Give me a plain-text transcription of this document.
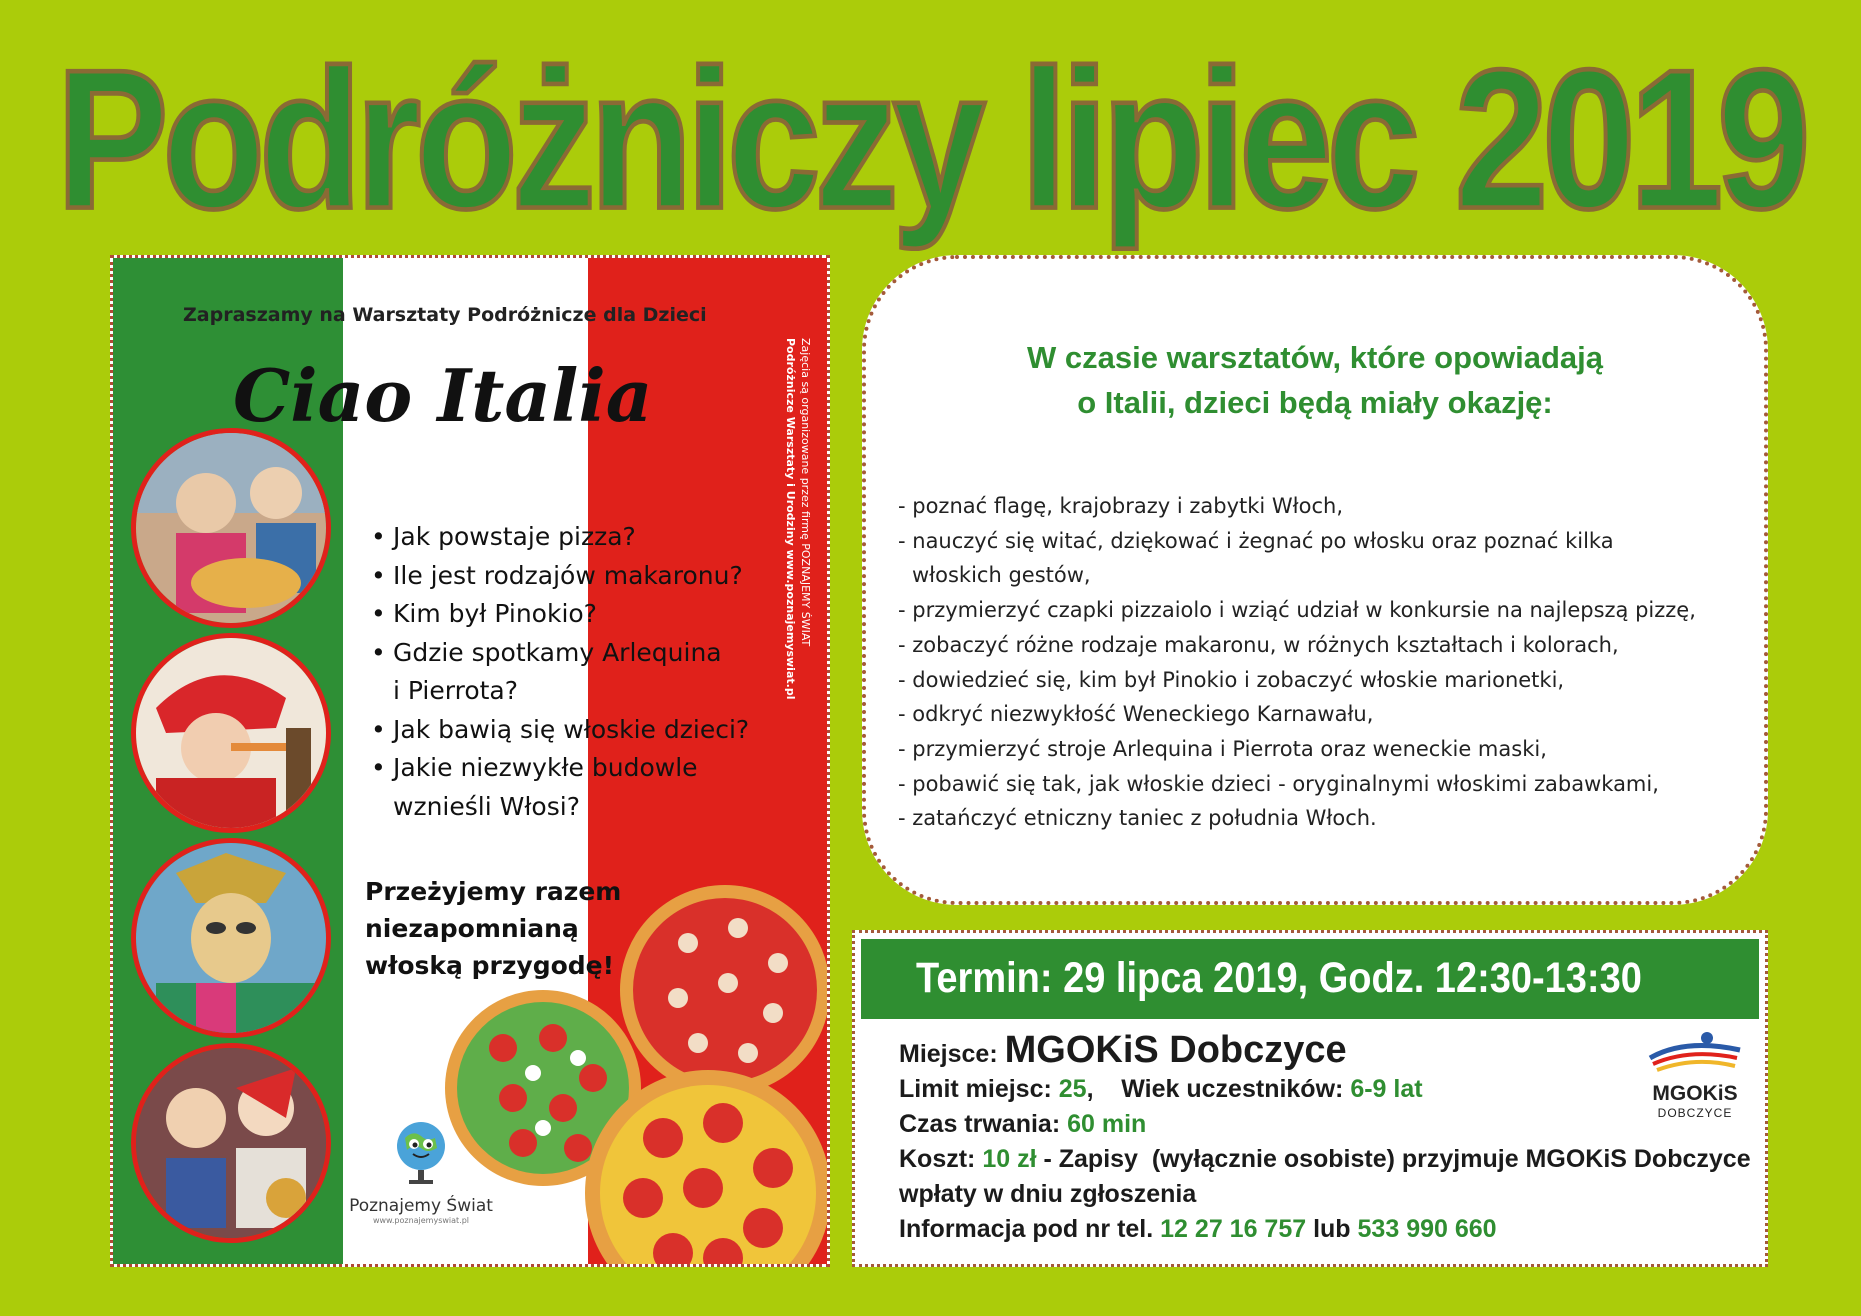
Podróżniczy lipiec 2019
Zapraszamy na Warsztaty Podróżnicze dla Dzieci
Ciao Italia	Zajęcia są organizowane przez firmę POZNAJEMY ŚWIAT
Podróżnicze Warsztaty i Urodziny www.poznajemyswiat.pl
• Jak powstaje pizza?
• Ile jest rodzajów makaronu?
• Kim był Pinokio?
• Gdzie spotkamy Arlequina
i Pierrota?
• Jak bawią się włoskie dzieci?
• Jakie niezwykłe budowle
wznieśli Włosi?
Przeżyjemy razem
niezapomnianą
włoską przygodę!
Poznajemy Świat
www.poznajemyswiat.pl
W czasie warsztatów, które opowiadają
o Italii, dzieci będą miały okazję:
- poznać flagę, krajobrazy i zabytki Włoch,
- nauczyć się witać, dziękować i żegnać po włosku oraz poznać kilka
włoskich gestów,
- przymierzyć czapki pizzaiolo i wziąć udział w konkursie na najlepszą pizzę,
- zobaczyć różne rodzaje makaronu, w różnych kształtach i kolorach,
- dowiedzieć się, kim był Pinokio i zobaczyć włoskie marionetki,
- odkryć niezwykłość Weneckiego Karnawału,
- przymierzyć stroje Arlequina i Pierrota oraz weneckie maski,
- pobawić się tak, jak włoskie dzieci - oryginalnymi włoskimi zabawkami,
- zatańczyć etniczny taniec z południa Włoch.
Termin: 29 lipca 2019, Godz. 12:30-13:30
Miejsce: MGOKiS Dobczyce
Limit miejsc: 25,    Wiek uczestników: 6-9 lat
Czas trwania: 60 min
Koszt: 10 zł - Zapisy  (wyłącznie osobiste) przyjmuje MGOKiS Dobczyce
wpłaty w dniu zgłoszenia
Informacja pod nr tel. 12 27 16 757 lub 533 990 660
MGOKiS
DOBCZYCE
